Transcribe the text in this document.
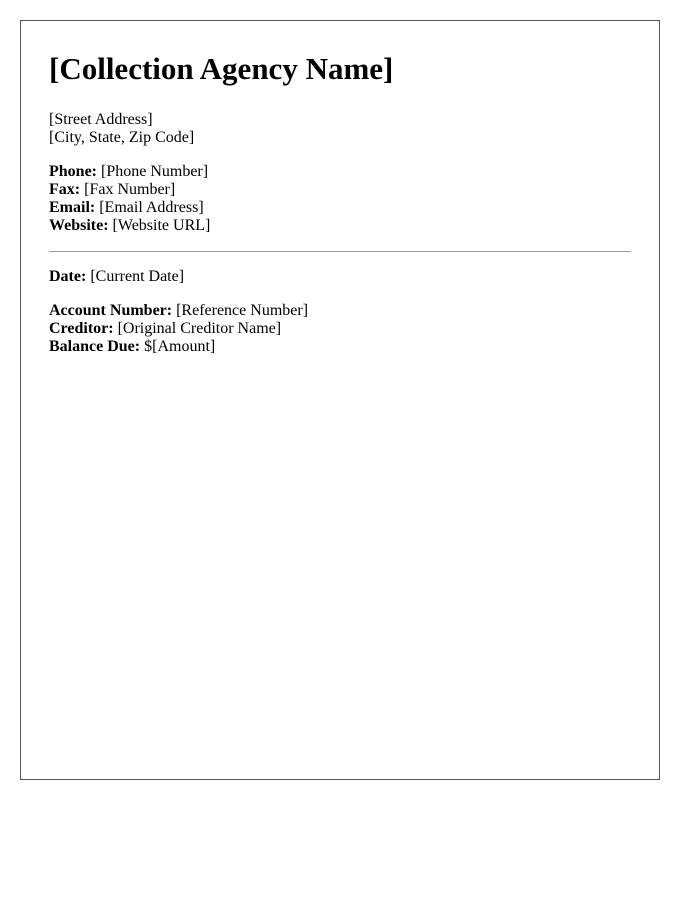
[Collection Agency Name]
[Street Address]
[City, State, Zip Code]
Phone: [Phone Number]
Fax: [Fax Number]
Email: [Email Address]
Website: [Website URL]
Date: [Current Date]
Account Number: [Reference Number]
Creditor: [Original Creditor Name]
Balance Due: $[Amount]
